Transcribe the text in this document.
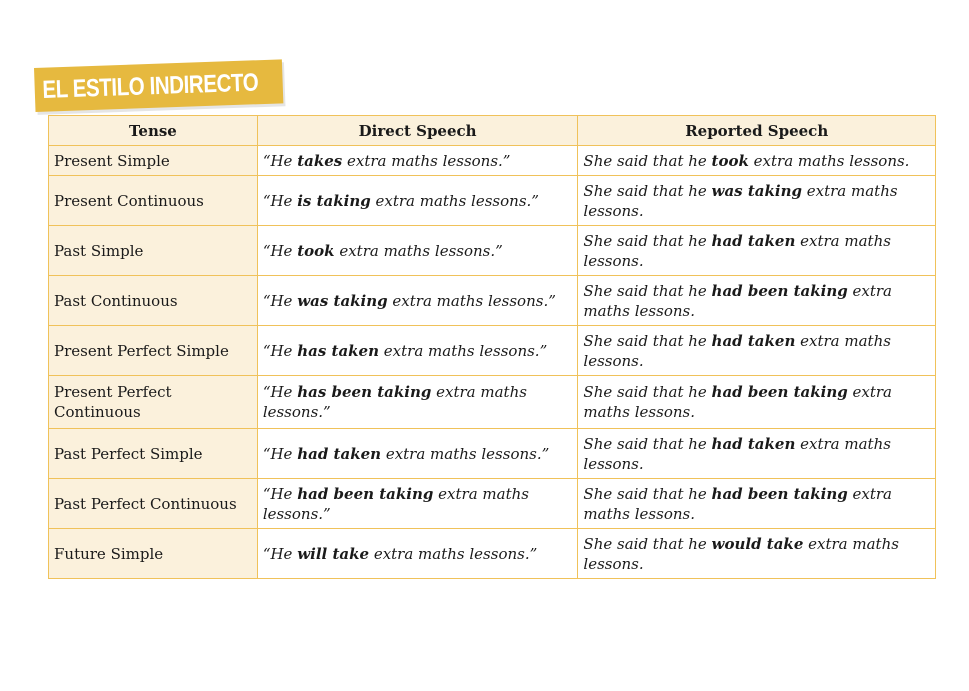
EL ESTILO INDIRECTO
Tense	Direct Speech	Reported Speech
Present Simple	“He takes extra maths lessons.”	She said that he took extra maths lessons.
Present Continuous	“He is taking extra maths lessons.”	She said that he was taking extra maths lessons.
Past Simple	“He took extra maths lessons.”	She said that he had taken extra maths lessons.
Past Continuous	“He was taking extra maths lessons.”	She said that he had been taking extra maths lessons.
Present Perfect Simple	“He has taken extra maths lessons.”	She said that he had taken extra maths lessons.
Present Perfect Continuous	“He has been taking extra maths lessons.”	She said that he had been taking extra maths lessons.
Past Perfect Simple	“He had taken extra maths lessons.”	She said that he had taken extra maths lessons.
Past Perfect Continuous	“He had been taking extra maths lessons.”	She said that he had been taking extra maths lessons.
Future Simple	“He will take extra maths lessons.”	She said that he would take extra maths lessons.
